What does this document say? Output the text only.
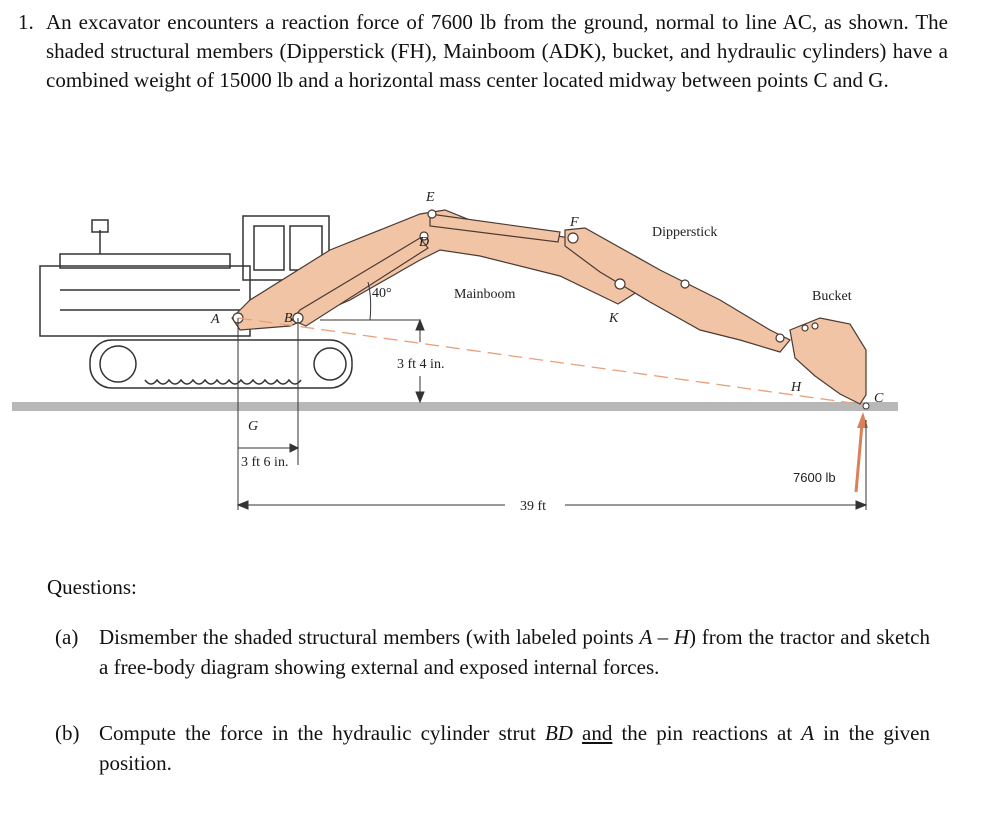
1. An excavator encounters a reaction force of 7600 lb from the ground, normal to line AC, as shown. The shaded structural members (Dipperstick (FH), Mainboom (ADK), bucket, and hydraulic cylinders) have a combined weight of 15000 lb and a horizontal mass center located midway between points C and G.
E
D
F
A	B	K
H
C
G
Dipperstick
Mainboom	Bucket
40°
3 ft 4 in.
3 ft 6 in.
39 ft
7600 lb
Questions:
(a) Dismember the shaded structural members (with labeled points A – H) from the tractor and sketch a free-body diagram showing external and exposed internal forces.
(b) Compute the force in the hydraulic cylinder strut BD and the pin reactions at A in the given position.
